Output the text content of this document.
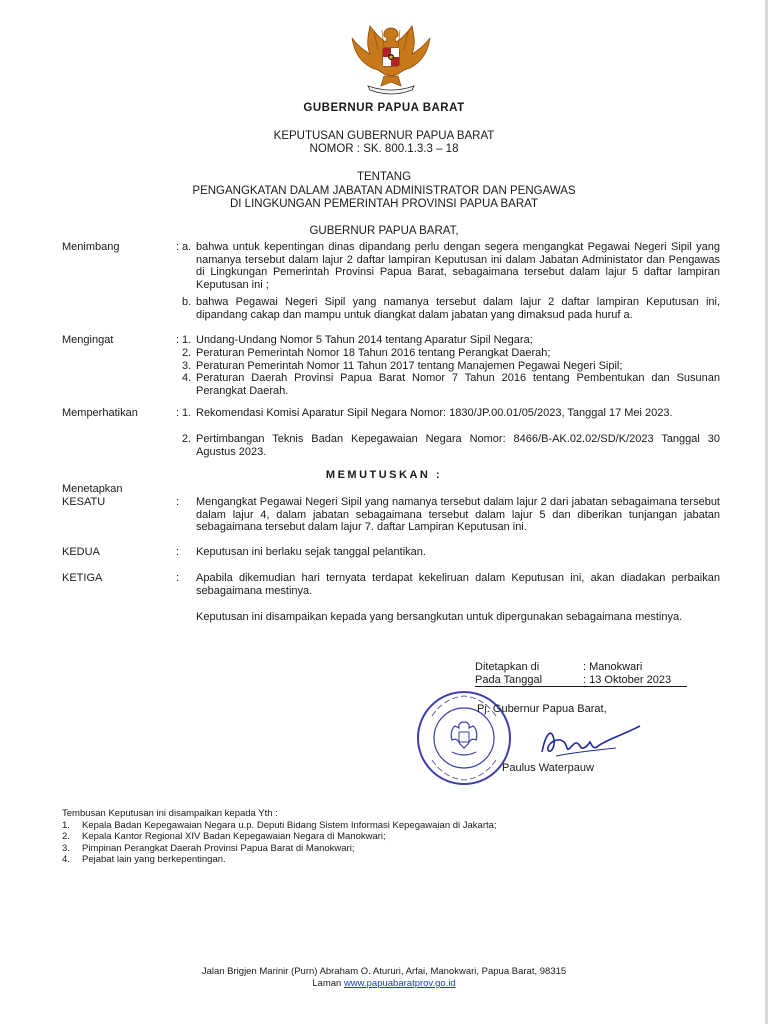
GUBERNUR PAPUA BARAT
KEPUTUSAN GUBERNUR PAPUA BARAT
NOMOR : SK. 800.1.3.3 – 18
TENTANG
PENGANGKATAN DALAM JABATAN ADMINISTRATOR DAN PENGAWAS
DI LINGKUNGAN PEMERINTAH PROVINSI PAPUA BARAT
GUBERNUR PAPUA BARAT,
Menimbang	: a. bahwa untuk kepentingan dinas dipandang perlu dengan segera mengangkat Pegawai Negeri Sipil yang namanya tersebut dalam lajur 2 daftar lampiran Keputusan ini dalam Jabatan Administator dan Pengawas di Lingkungan Pemerintah Provinsi Papua Barat, sebagaimana tersebut dalam lajur 5 daftar lampiran Keputusan ini ;
b. bahwa Pegawai Negeri Sipil yang namanya tersebut dalam lajur 2 daftar lampiran Keputusan ini, dipandang cakap dan mampu untuk diangkat dalam jabatan yang dimaksud pada huruf a.
Mengingat	: 1. Undang-Undang Nomor 5 Tahun 2014 tentang Aparatur Sipil Negara;
2. Peraturan Pemerintah Nomor 18 Tahun 2016 tentang Perangkat Daerah;
3. Peraturan Pemerintah Nomor 11 Tahun 2017 tentang Manajemen Pegawai Negeri Sipil;
4. Peraturan Daerah Provinsi Papua Barat Nomor 7 Tahun 2016 tentang Pembentukan dan Susunan Perangkat Daerah.
Memperhatikan	: 1. Rekomendasi Komisi Aparatur Sipil Negara Nomor: 1830/JP.00.01/05/2023, Tanggal 17 Mei 2023.
2. Pertimbangan Teknis Badan Kepegawaian Negara Nomor: 8466/B-AK.02.02/SD/K/2023 Tanggal 30 Agustus 2023.
MEMUTUSKAN :
Menetapkan
KESATU	: Mengangkat Pegawai Negeri Sipil yang namanya tersebut dalam lajur 2 dari jabatan sebagaimana tersebut dalam lajur 4, dalam jabatan sebagaimana tersebut dalam lajur 5 dan diberikan tunjangan jabatan sebagaimana tersebut dalam lajur 7. daftar Lampiran Keputusan ini.
KEDUA	: Keputusan ini berlaku sejak tanggal pelantikan.
KETIGA	: Apabila dikemudian hari ternyata terdapat kekeliruan dalam Keputusan ini, akan diadakan perbaikan sebagaimana mestinya.
Keputusan ini disampaikan kepada yang bersangkutan untuk dipergunakan sebagaimana mestinya.
Ditetapkan di	: Manokwari
Pada Tanggal	: 13 Oktober 2023
Pj. Gubernur Papua Barat,
Paulus Waterpauw
Tembusan Keputusan ini disampaikan kepada Yth :
1. Kepala Badan Kepegawaian Negara u.p. Deputi Bidang Sistem Informasi Kepegawaian di Jakarta;
2. Kepala Kantor Regional XIV Badan Kepegawaian Negara di Manokwari;
3. Pimpinan Perangkat Daerah Provinsi Papua Barat di Manokwari;
4. Pejabat lain yang berkepentingan.
Jalan Brigjen Marinir (Purn) Abraham O. Atururi, Arfai, Manokwari, Papua Barat, 98315
Laman www.papuabaratprov.go.id
